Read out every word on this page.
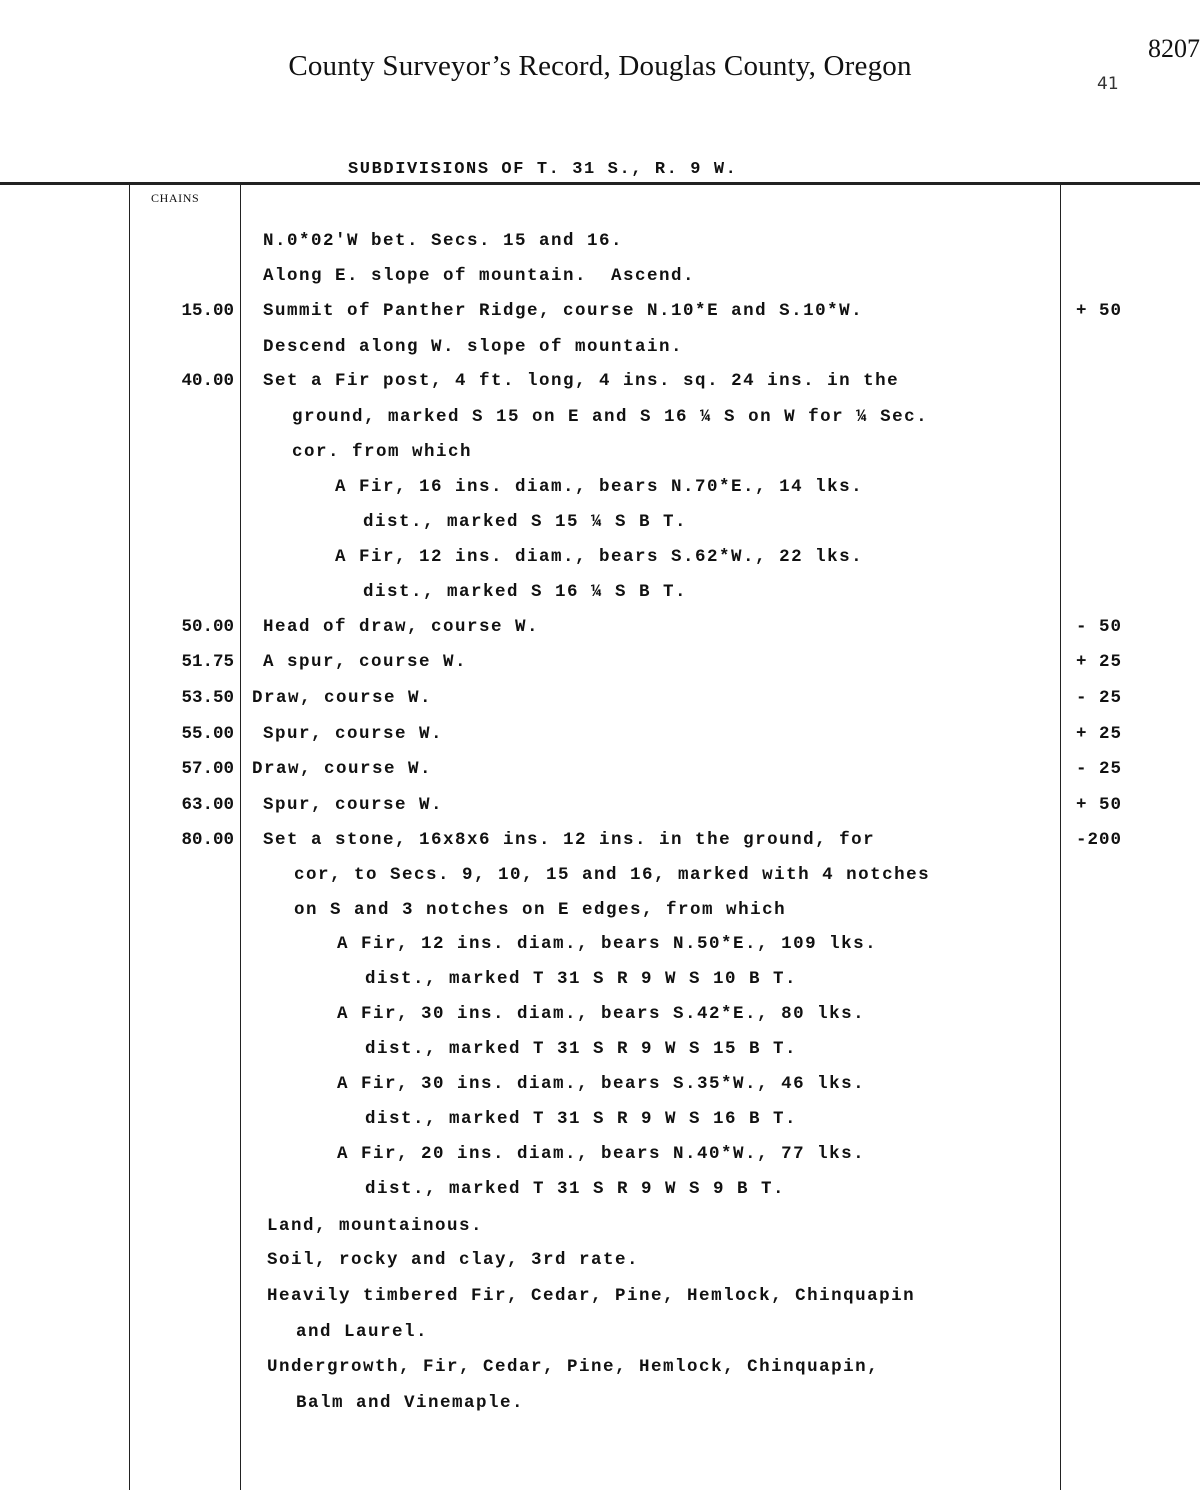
County Surveyor’s Record, Douglas County, Oregon
8207
41
SUBDIVISIONS OF T. 31 S., R. 9 W.
CHAINS
N.0*02'W bet. Secs. 15 and 16.
Along E. slope of mountain.  Ascend.
15.00 Summit of Panther Ridge, course N.10*E and S.10*W.	+ 50
Descend along W. slope of mountain.
40.00 Set a Fir post, 4 ft. long, 4 ins. sq. 24 ins. in the
ground, marked S 15 on E and S 16 ¼ S on W for ¼ Sec.
cor. from which
A Fir, 16 ins. diam., bears N.70*E., 14 lks.
dist., marked S 15 ¼ S B T.
A Fir, 12 ins. diam., bears S.62*W., 22 lks.
dist., marked S 16 ¼ S B T.
50.00 Head of draw, course W.	- 50
51.75 A spur, course W.	+ 25
53.50 Draw, course W.	- 25
55.00 Spur, course W.	+ 25
57.00 Draw, course W.	- 25
63.00 Spur, course W.	+ 50
80.00 Set a stone, 16x8x6 ins. 12 ins. in the ground, for	-200
cor, to Secs. 9, 10, 15 and 16, marked with 4 notches
on S and 3 notches on E edges, from which
A Fir, 12 ins. diam., bears N.50*E., 109 lks.
dist., marked T 31 S R 9 W S 10 B T.
A Fir, 30 ins. diam., bears S.42*E., 80 lks.
dist., marked T 31 S R 9 W S 15 B T.
A Fir, 30 ins. diam., bears S.35*W., 46 lks.
dist., marked T 31 S R 9 W S 16 B T.
A Fir, 20 ins. diam., bears N.40*W., 77 lks.
dist., marked T 31 S R 9 W S 9 B T.
Land, mountainous.
Soil, rocky and clay, 3rd rate.
Heavily timbered Fir, Cedar, Pine, Hemlock, Chinquapin
and Laurel.
Undergrowth, Fir, Cedar, Pine, Hemlock, Chinquapin,
Balm and Vinemaple.
